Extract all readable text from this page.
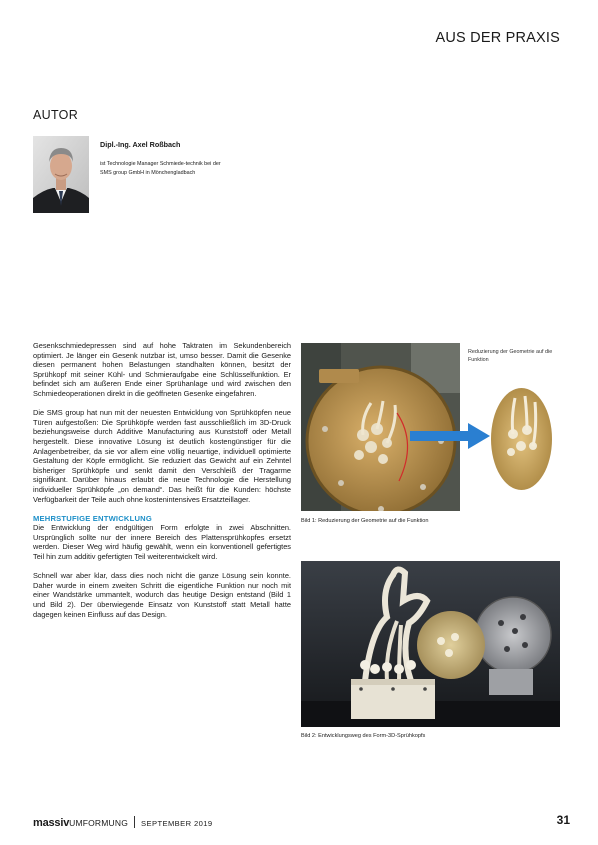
AUS DER PRAXIS
AUTOR
Dipl.-Ing. Axel Roßbach
ist Technologie Manager Schmiede-technik bei der SMS group GmbH in Mönchengladbach

Gesenkschmiedepressen sind auf hohe Taktraten im Sekundenbereich optimiert. Je länger ein Gesenk nutzbar ist, umso besser. Damit die Gesenke diesen permanent hohen Belastungen standhalten können, besitzt der Sprühkopf mit seiner Kühl- und Schmieraufgabe eine Schlüsselfunktion. Er befindet sich am äußeren Ende einer Sprühanlage und wird zwischen den Schmiedeoperationen direkt in die geöffneten Gesenke eingefahren.

Die SMS group hat nun mit der neuesten Entwicklung von Sprühköpfen neue Türen aufgestoßen: Die Sprühköpfe werden fast ausschließlich im 3D-Druck beziehungsweise durch Additive Manufacturing aus Kunststoff oder Metall hergestellt. Diese innovative Lösung ist deutlich kostengünstiger für die Anlagenbetreiber, da sie vor allem eine völlig neuartige, individuell optimierte Gestaltung der Köpfe ermöglicht. Sie reduziert das Gewicht auf ein Zehntel bisheriger Sprühköpfe und senkt damit den Verschleiß der Tragarme signifikant. Darüber hinaus erlaubt die neue Technologie die Herstellung individueller Sprühköpfe „on demand“. Das heißt für die Kunden: höchste Verfügbarkeit der Teile auch ohne kostenintensives Ersatzteillager.

MEHRSTUFIGE ENTWICKLUNG

Die Entwicklung der endgültigen Form erfolgte in zwei Abschnitten. Ursprünglich sollte nur der innere Bereich des Plattensprühkopfes ersetzt werden. Dieser Weg wird häufig gewählt, wenn ein konventionell gefertigtes Teil hin zum additiv gefertigten Teil weiterentwickelt wird.

Schnell war aber klar, dass dies noch nicht die ganze Lösung sein konnte. Daher wurde in einem zweiten Schritt die eigentliche Funktion nur noch mit einer Wandstärke ummantelt, wodurch das heutige Design entstand (Bild 1 und Bild 2). Der überwiegende Einsatz von Kunststoff statt Metall hatte dagegen keinen Einfluss auf das Design.

Reduzierung der Geometrie auf die Funktion
Bild 1: Reduzierung der Geometrie auf die Funktion
Bild 2: Entwicklungsweg des Form-3D-Sprühkopfs
massivUMFORMUNG SEPTEMBER 2019	31
